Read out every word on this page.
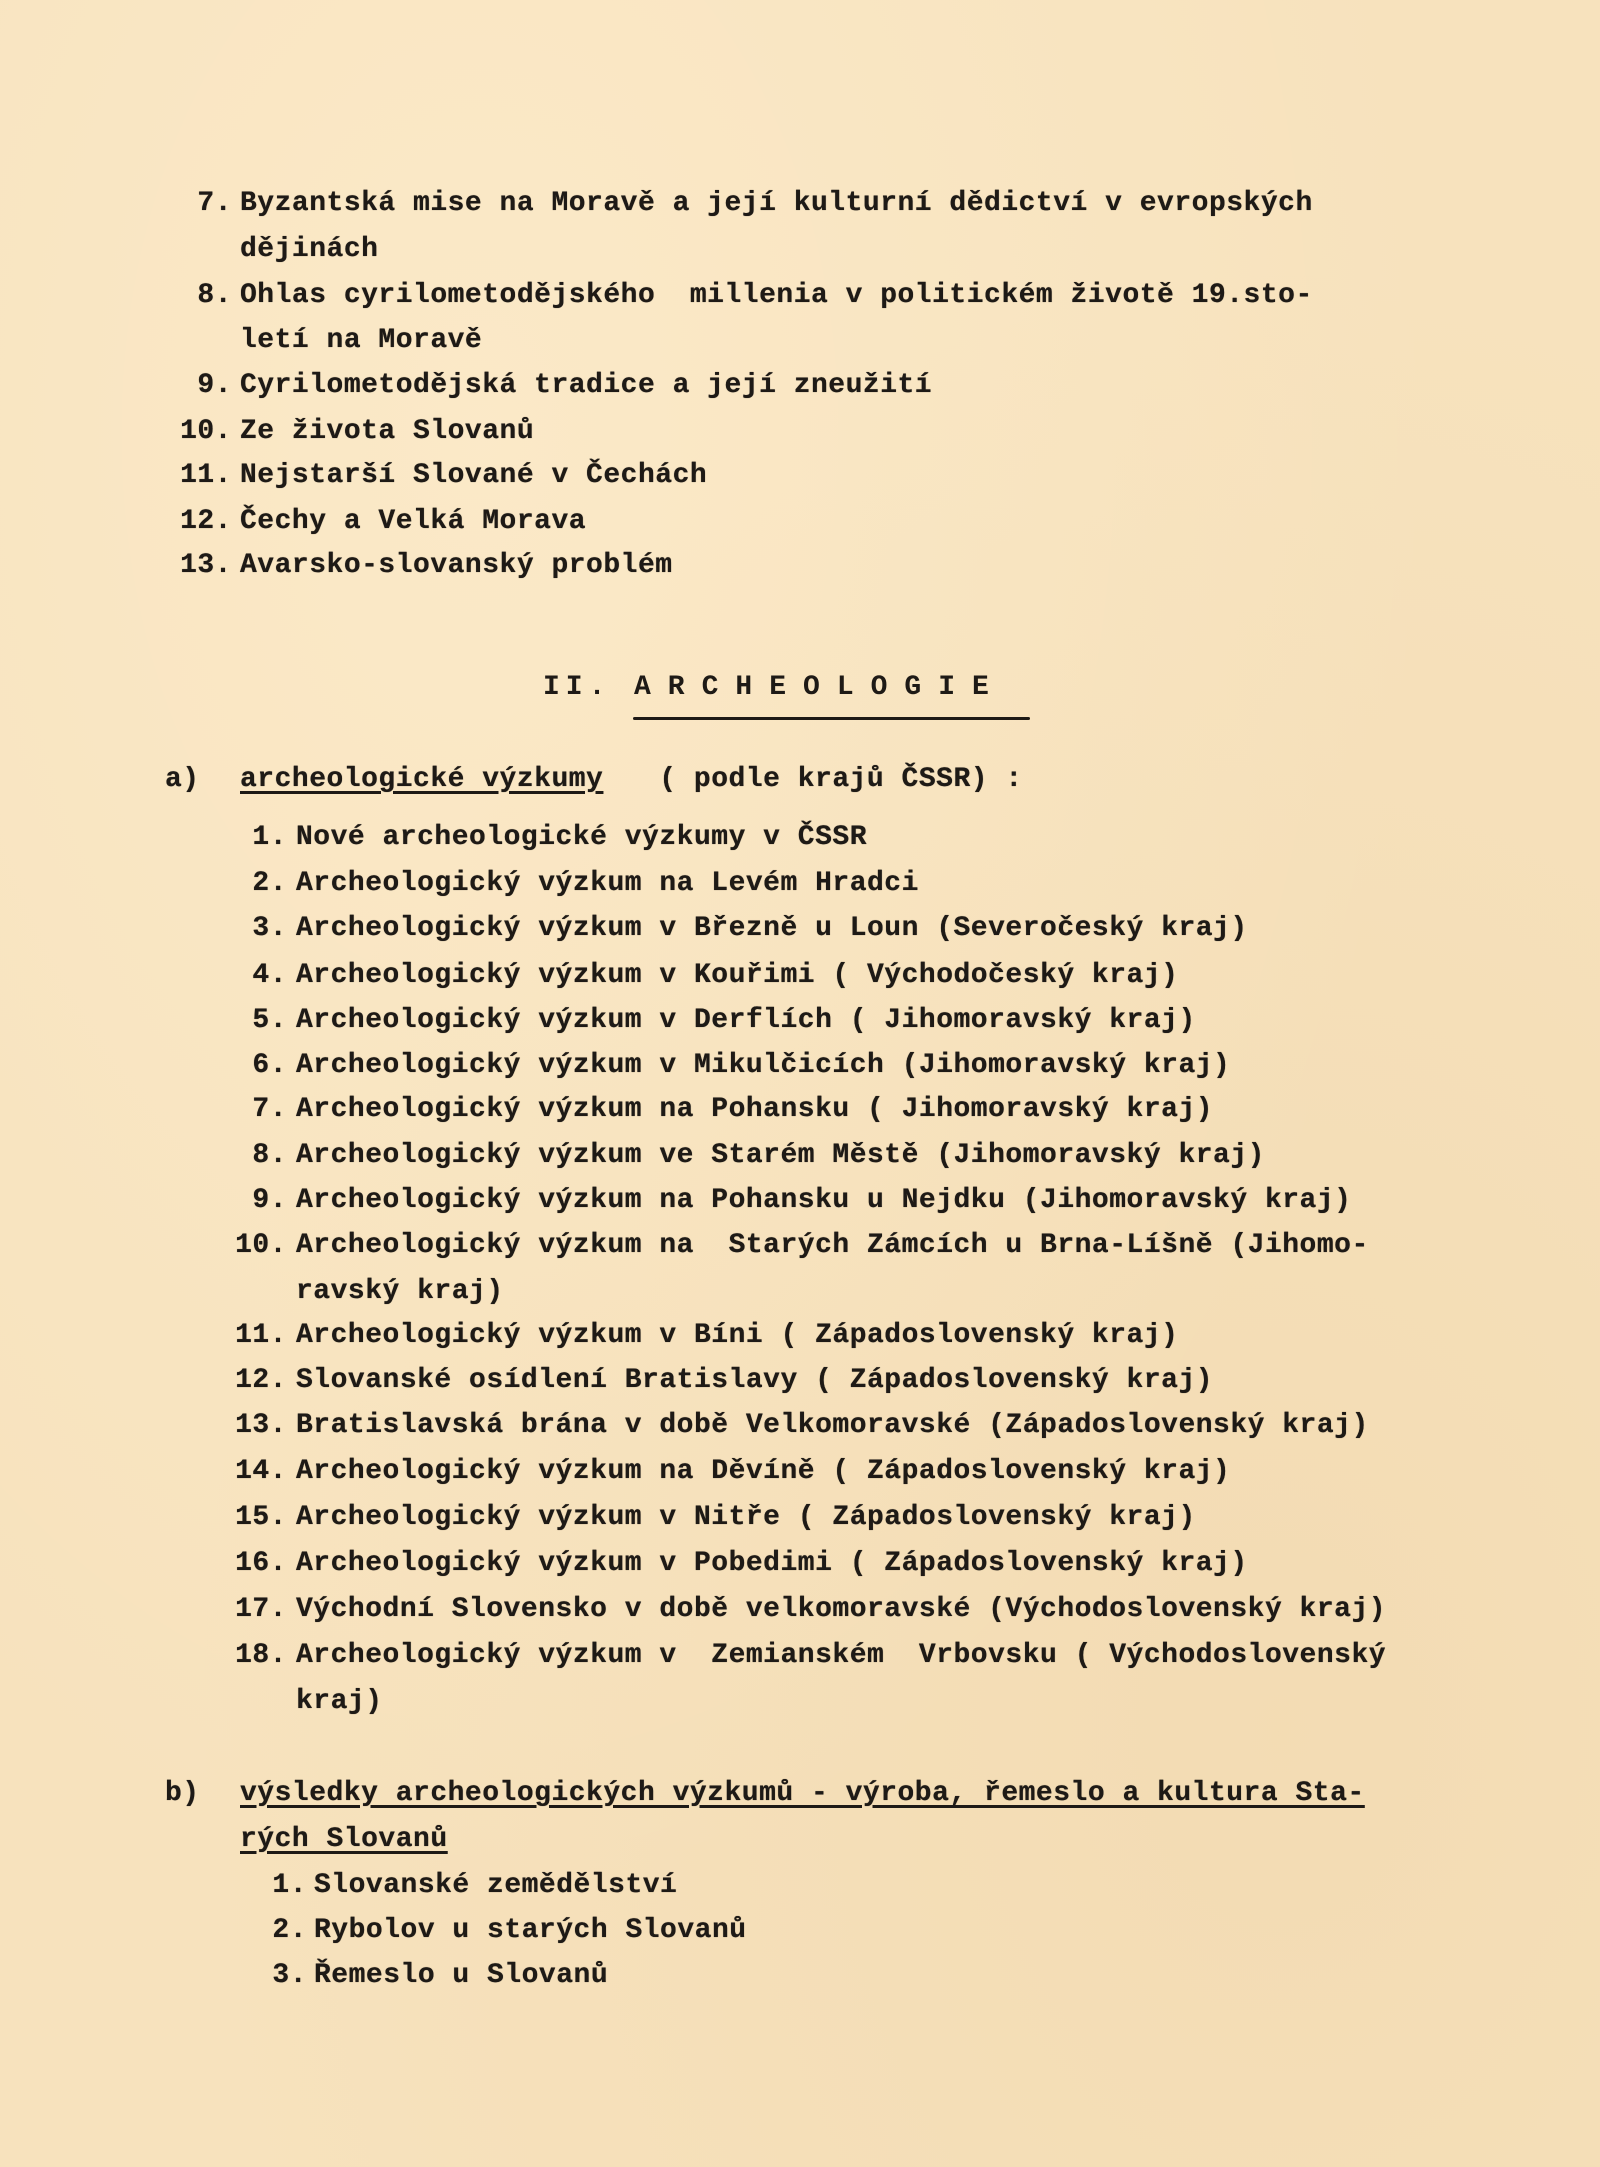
7. Byzantská mise na Moravě a její kulturní dědictví v evropských
dějinách
8. Ohlas cyrilometodějského  millenia v politickém životě 19.sto-
letí na Moravě
9. Cyrilometodějská tradice a její zneužití
10. Ze života Slovanů
11. Nejstarší Slované v Čechách
12. Čechy a Velká Morava
13. Avarsko-slovanský problém
II. ARCHEOLOGIE
a) archeologické výzkumy ( podle krajů ČSSR) :
1. Nové archeologické výzkumy v ČSSR
2. Archeologický výzkum na Levém Hradci
3. Archeologický výzkum v Březně u Loun (Severočeský kraj)
4. Archeologický výzkum v Kouřimi ( Východočeský kraj)
5. Archeologický výzkum v Derflích ( Jihomoravský kraj)
6. Archeologický výzkum v Mikulčicích (Jihomoravský kraj)
7. Archeologický výzkum na Pohansku ( Jihomoravský kraj)
8. Archeologický výzkum ve Starém Městě (Jihomoravský kraj)
9. Archeologický výzkum na Pohansku u Nejdku (Jihomoravský kraj)
10. Archeologický výzkum na  Starých Zámcích u Brna-Líšně (Jihomo-
ravský kraj)
11. Archeologický výzkum v Bíni ( Západoslovenský kraj)
12. Slovanské osídlení Bratislavy ( Západoslovenský kraj)
13. Bratislavská brána v době Velkomoravské (Západoslovenský kraj)
14. Archeologický výzkum na Děvíně ( Západoslovenský kraj)
15. Archeologický výzkum v Nitře ( Západoslovenský kraj)
16. Archeologický výzkum v Pobedimi ( Západoslovenský kraj)
17. Východní Slovensko v době velkomoravské (Východoslovenský kraj)
18. Archeologický výzkum v  Zemianském  Vrbovsku ( Východoslovenský
kraj)
b) výsledky archeologických výzkumů - výroba, řemeslo a kultura Sta-
rých Slovanů
1. Slovanské zemědělství
2. Rybolov u starých Slovanů
3. Řemeslo u Slovanů
